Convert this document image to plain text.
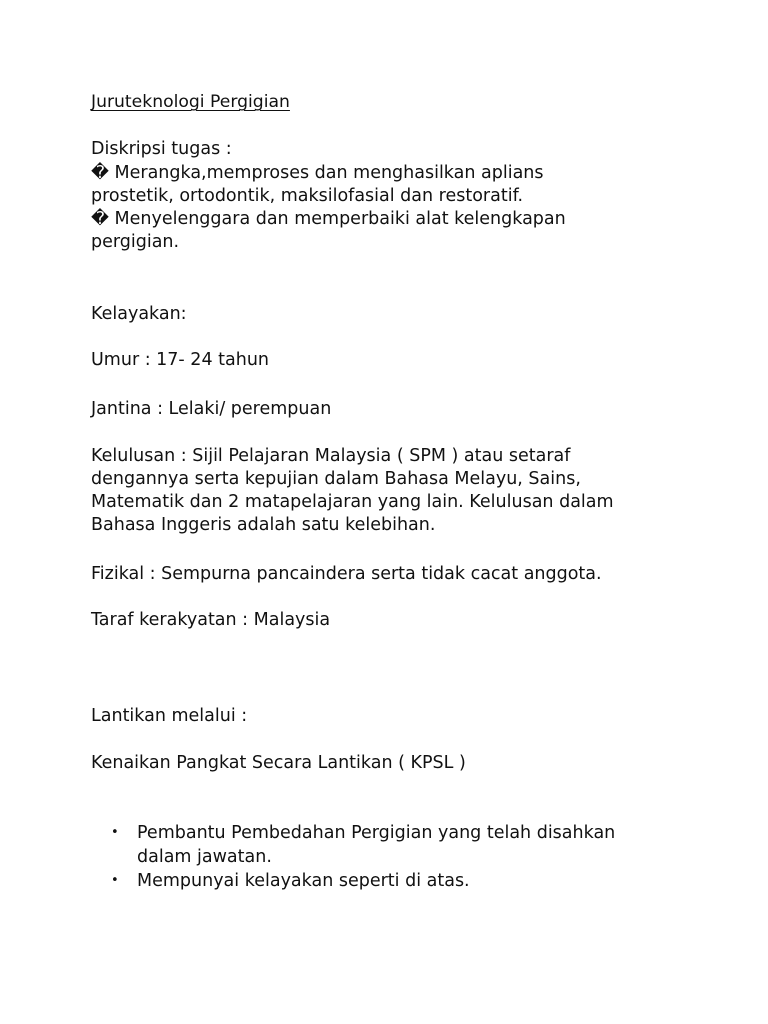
Juruteknologi Pergigian

Diskripsi tugas :

� Merangka,memproses dan menghasilkan aplians

prostetik, ortodontik, maksilofasial dan restoratif.

� Menyelenggara dan memperbaiki alat kelengkapan

pergigian.

Kelayakan:

Umur : 17- 24 tahun

Jantina : Lelaki/ perempuan

Kelulusan : Sijil Pelajaran Malaysia ( SPM ) atau setaraf

dengannya serta kepujian dalam Bahasa Melayu, Sains,

Matematik dan 2 matapelajaran yang lain. Kelulusan dalam

Bahasa Inggeris adalah satu kelebihan.

Fizikal : Sempurna pancaindera serta tidak cacat anggota.

Taraf kerakyatan : Malaysia

Lantikan melalui :

Kenaikan Pangkat Secara Lantikan ( KPSL )

• Pembantu Pembedahan Pergigian yang telah disahkan
dalam jawatan.
• Mempunyai kelayakan seperti di atas.
